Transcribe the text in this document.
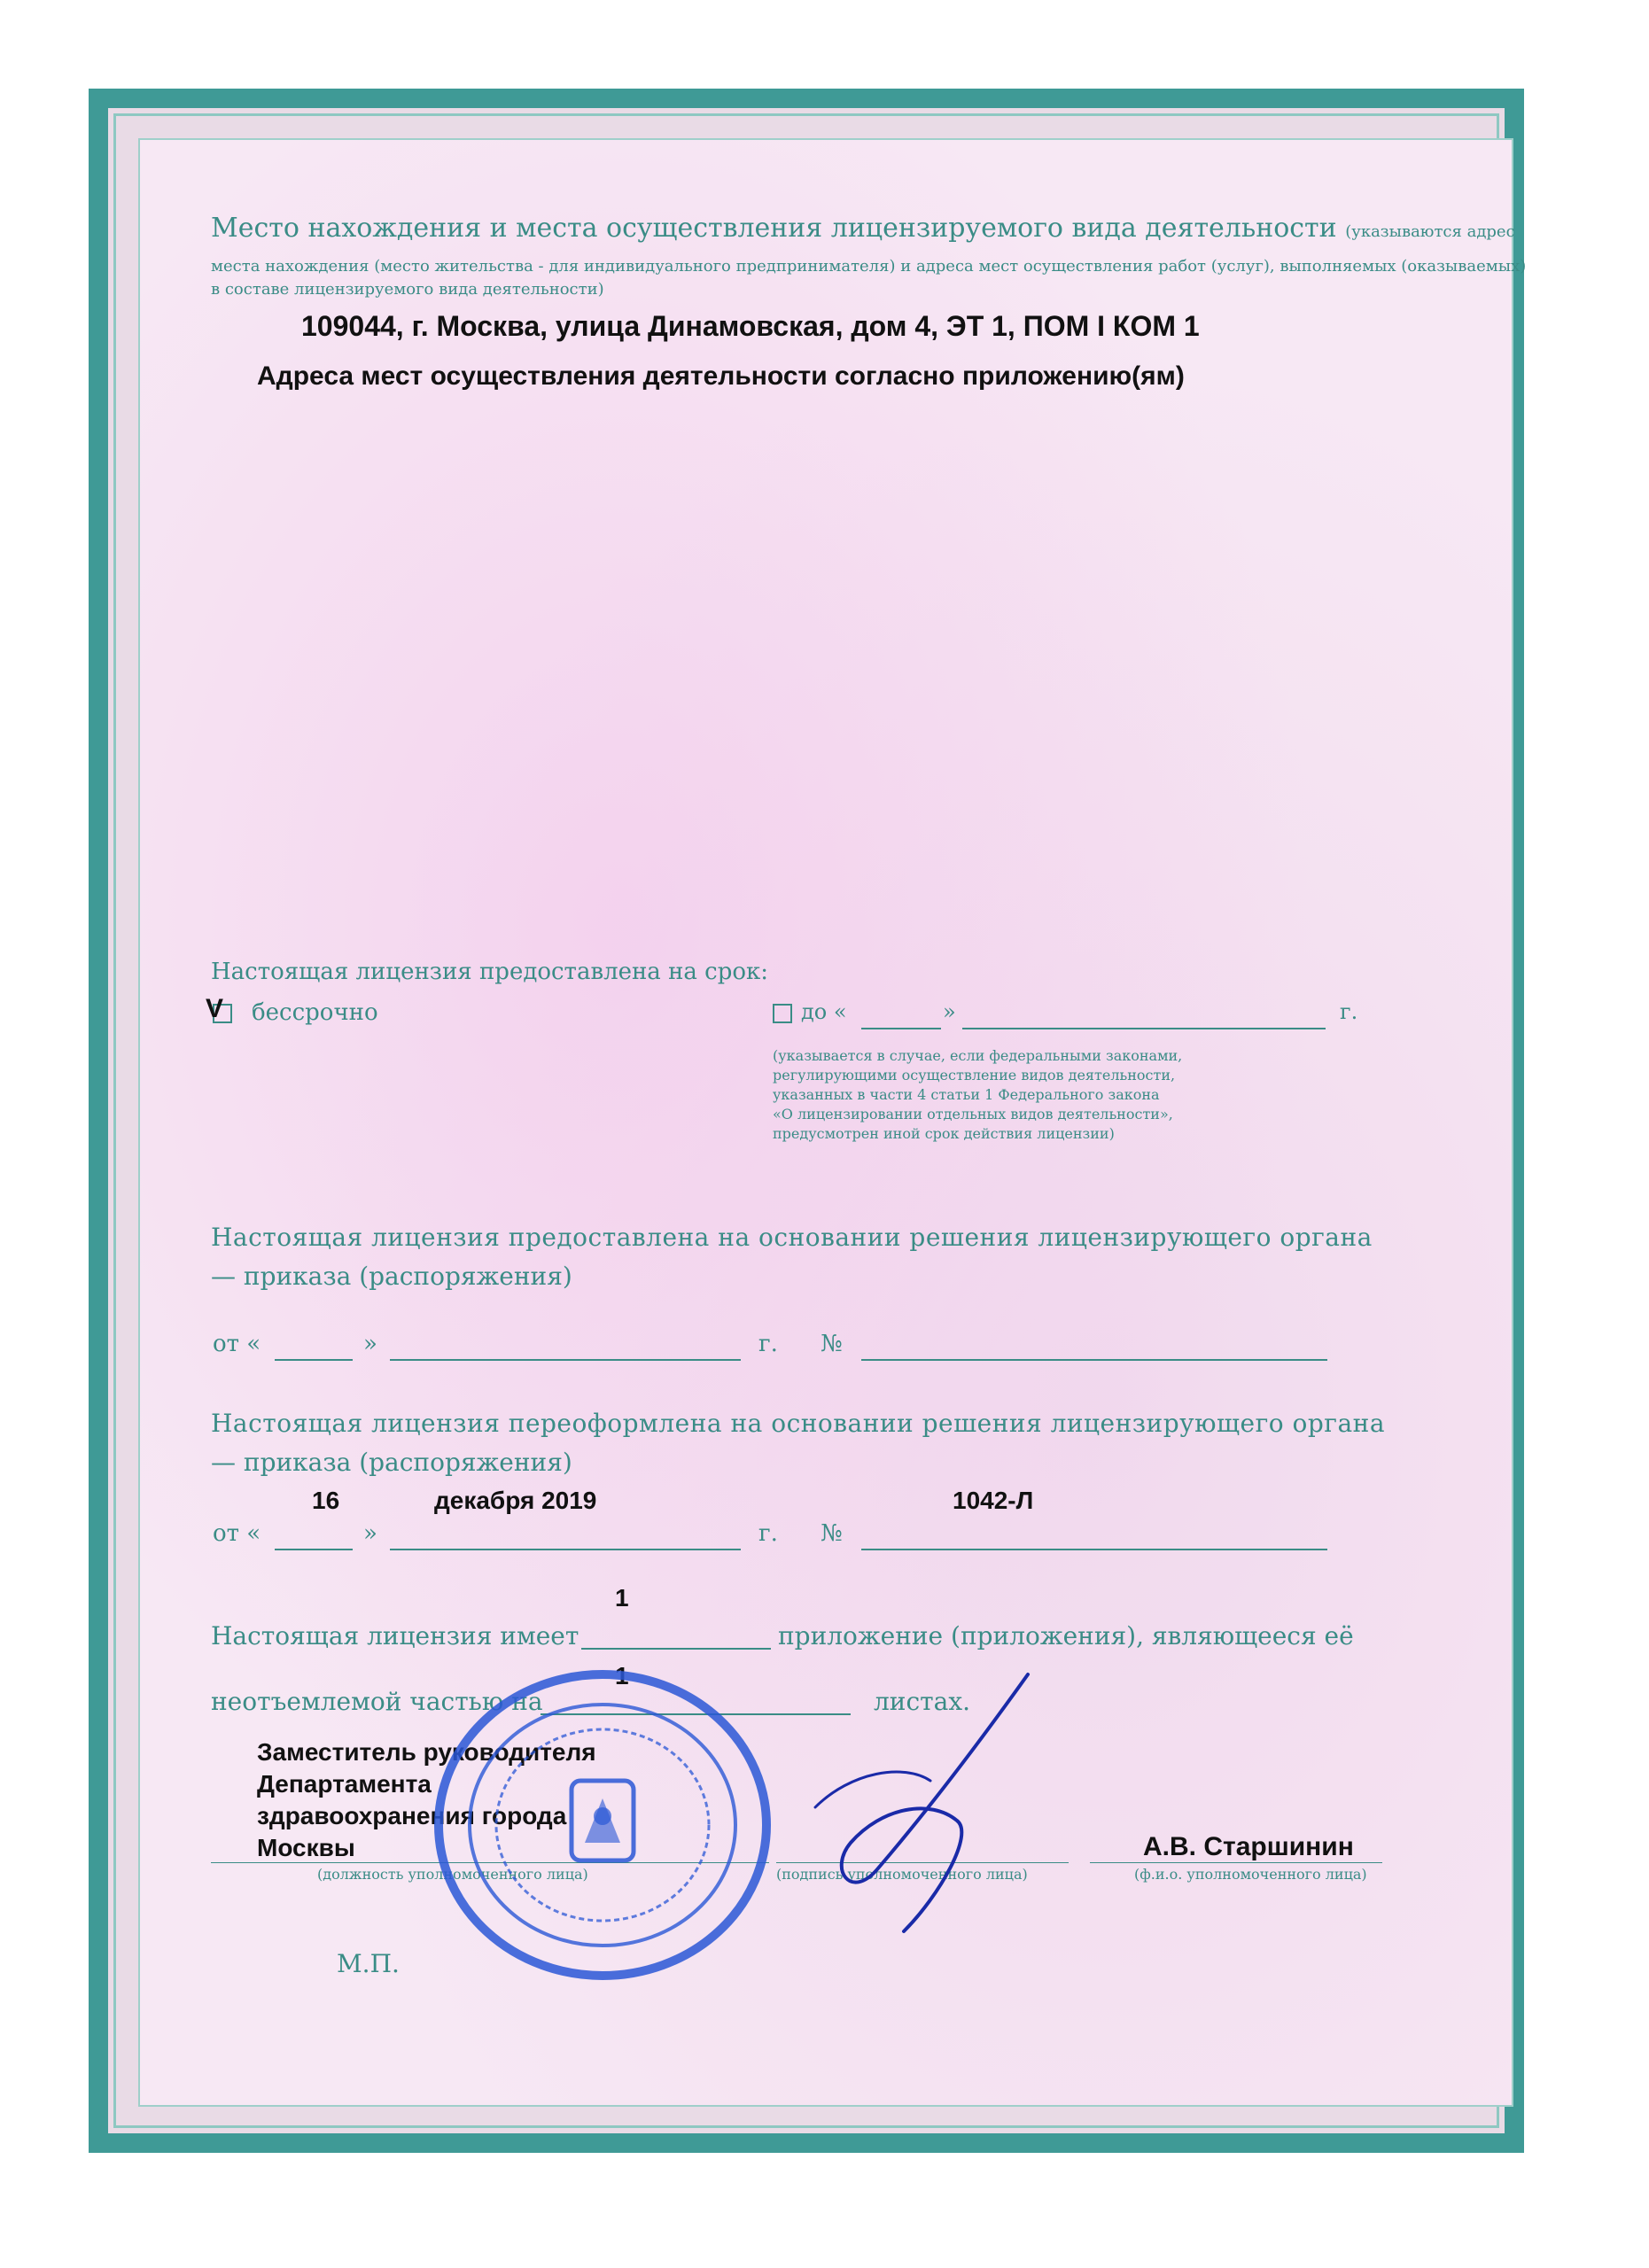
Место нахождения и места осуществления лицензируемого вида деятельности (указываются адрес
места нахождения (место жительства - для индивидуального предпринимателя) и адреса мест осуществления работ (услуг), выполняемых (оказываемых)
в составе лицензируемого вида деятельности)
109044, г. Москва, улица Динамовская, дом 4, ЭТ 1, ПОМ I КОМ 1
Адреса мест осуществления деятельности согласно приложению(ям)
Настоящая лицензия предоставлена на срок:
V бессрочно	до «	»	г.
(указывается в случае, если федеральными законами,
регулирующими осуществление видов деятельности,
указанных в части 4 статьи 1 Федерального закона
«О лицензировании отдельных видов деятельности»,
предусмотрен иной срок действия лицензии)
Настоящая лицензия предоставлена на основании решения лицензирующего органа
— приказа (распоряжения)
от «	»	г. №
Настоящая лицензия переоформлена на основании решения лицензирующего органа
— приказа (распоряжения)
16	декабря 2019	1042-Л
от «	»	г. №
1
Настоящая лицензия имеет	приложение (приложения), являющееся её
1
неотъемлемой частью на	листах.
Заместитель руководителя
Департамента
здравоохранения города
Москвы	А.В. Старшинин
(должность уполномоченного лица)	(подпись уполномоченного лица)	(ф.и.о. уполномоченного лица)
М.П.
